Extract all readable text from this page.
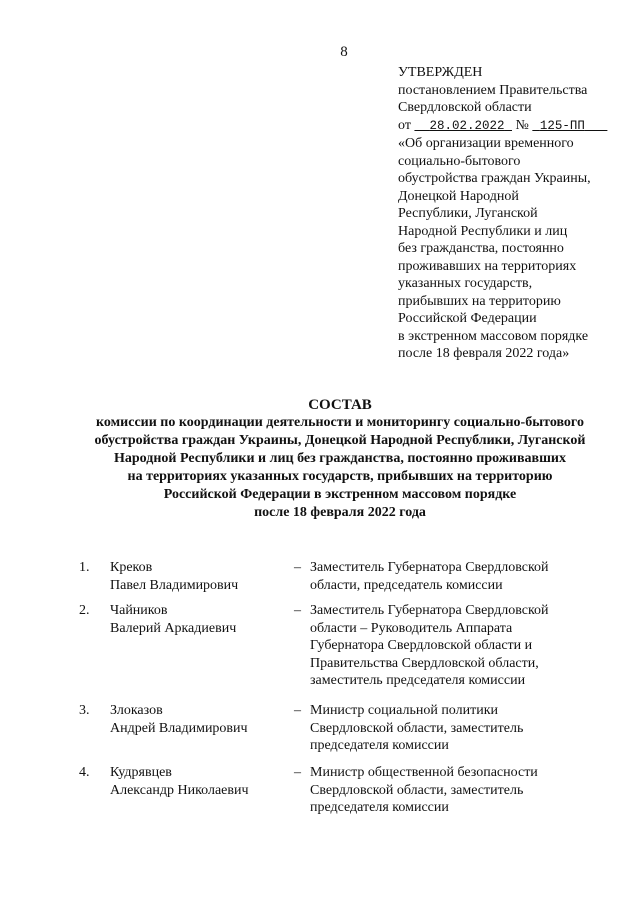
8
УТВЕРЖДЕН
постановлением Правительства
Свердловской области
от 28.02.2022 № 125-ПП
«Об организации временного
социально-бытового
обустройства граждан Украины,
Донецкой Народной
Республики, Луганской
Народной Республики и лиц
без гражданства, постоянно
проживавших на территориях
указанных государств,
прибывших на территорию
Российской Федерации
в экстренном массовом порядке
после 18 февраля 2022 года»
СОСТАВ
комиссии по координации деятельности и мониторингу социально-бытового
обустройства граждан Украины, Донецкой Народной Республики, Луганской
Народной Республики и лиц без гражданства, постоянно проживавших
на территориях указанных государств, прибывших на территорию
Российской Федерации в экстренном массовом порядке
после 18 февраля 2022 года
1. Креков
Павел Владимирович
– Заместитель Губернатора Свердловской
области, председатель комиссии
2. Чайников
Валерий Аркадиевич
– Заместитель Губернатора Свердловской
области – Руководитель Аппарата
Губернатора Свердловской области и
Правительства Свердловской области,
заместитель председателя комиссии
3. Злоказов
Андрей Владимирович
– Министр социальной политики
Свердловской области, заместитель
председателя комиссии
4. Кудрявцев
Александр Николаевич
– Министр общественной безопасности
Свердловской области, заместитель
председателя комиссии
